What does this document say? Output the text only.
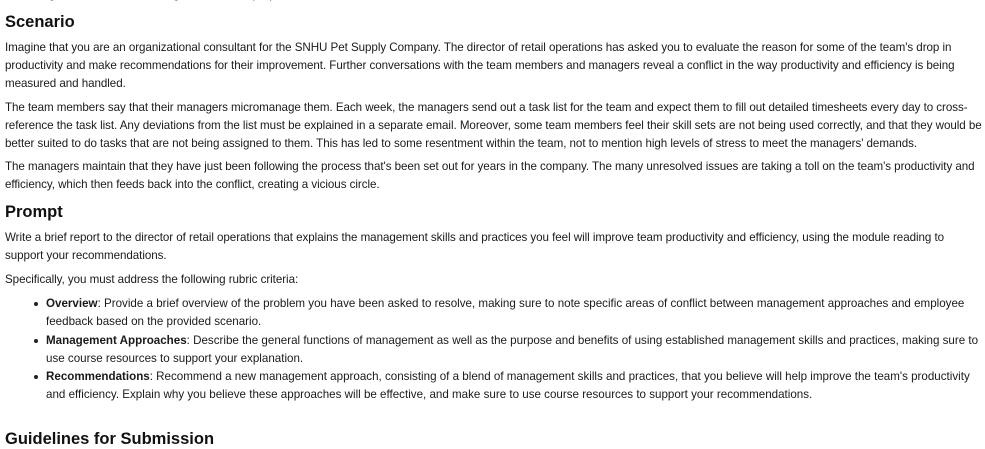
Scenario

Imagine that you are an organizational consultant for the SNHU Pet Supply Company. The director of retail operations has asked you to evaluate the reason for some of the team's drop in productivity and make recommendations for their improvement. Further conversations with the team members and managers reveal a conflict in the way productivity and efficiency is being measured and handled.

The team members say that their managers micromanage them. Each week, the managers send out a task list for the team and expect them to fill out detailed timesheets every day to cross-reference the task list. Any deviations from the list must be explained in a separate email. Moreover, some team members feel their skill sets are not being used correctly, and that they would be better suited to do tasks that are not being assigned to them. This has led to some resentment within the team, not to mention high levels of stress to meet the managers' demands.

The managers maintain that they have just been following the process that's been set out for years in the company. The many unresolved issues are taking a toll on the team's productivity and efficiency, which then feeds back into the conflict, creating a vicious circle.

Prompt

Write a brief report to the director of retail operations that explains the management skills and practices you feel will improve team productivity and efficiency, using the module reading to support your recommendations.

Specifically, you must address the following rubric criteria:

Overview: Provide a brief overview of the problem you have been asked to resolve, making sure to note specific areas of conflict between management approaches and employee feedback based on the provided scenario.
Management Approaches: Describe the general functions of management as well as the purpose and benefits of using established management skills and practices, making sure to use course resources to support your explanation.
Recommendations: Recommend a new management approach, consisting of a blend of management skills and practices, that you believe will help improve the team's productivity and efficiency. Explain why you believe these approaches will be effective, and make sure to use course resources to support your recommendations.
Guidelines for Submission
